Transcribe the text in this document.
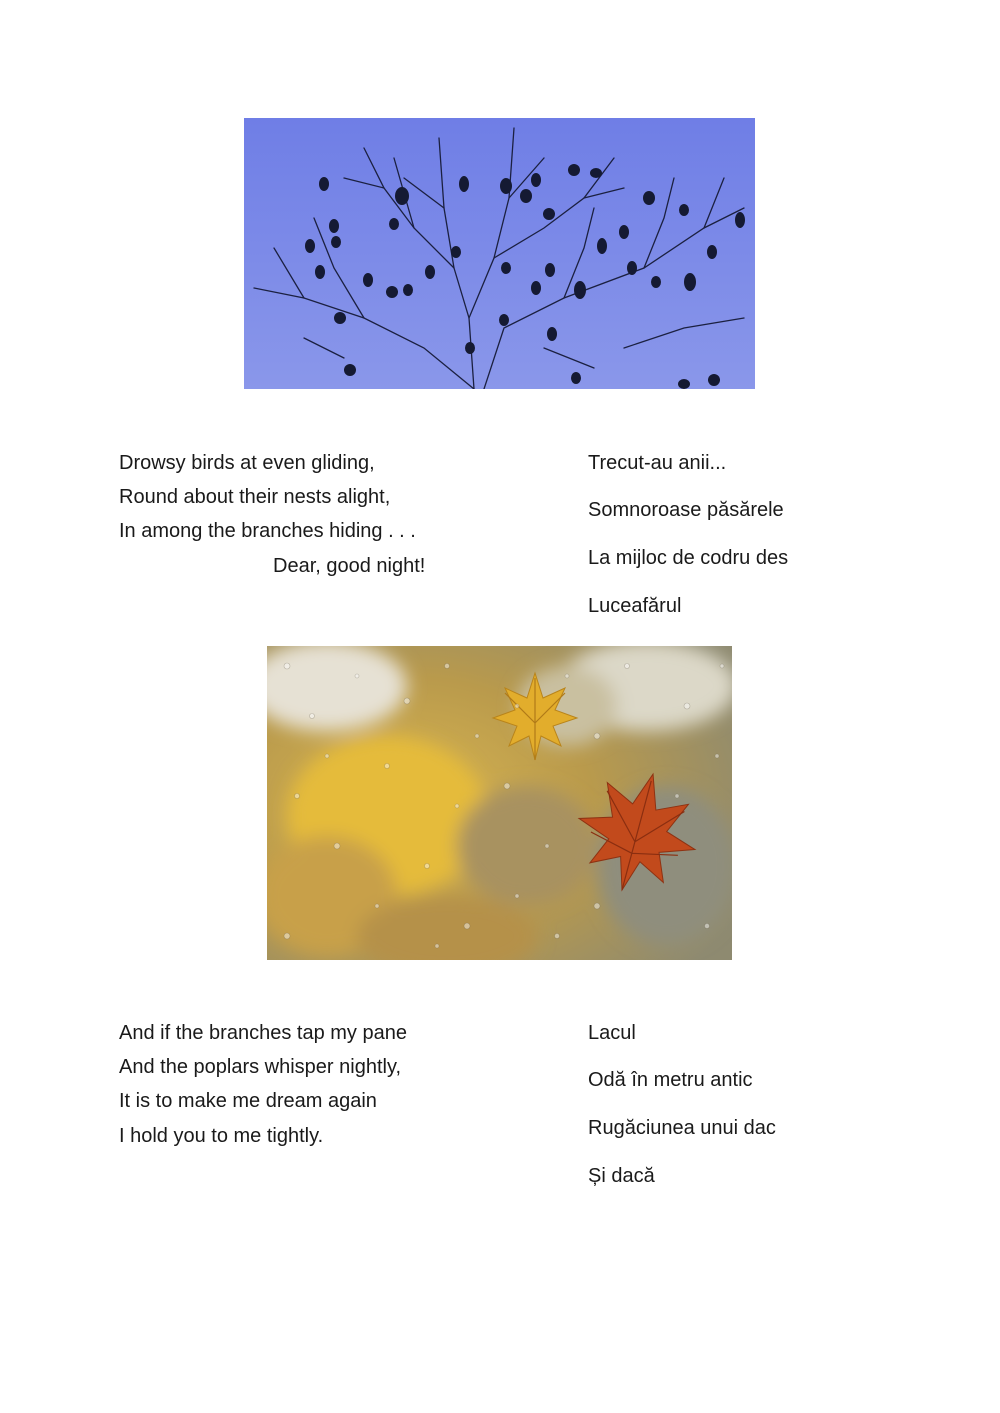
Drowsy birds at even gliding,
Round about their nests alight,
In among the branches hiding . . .
Dear, good night!
Trecut-au anii...
Somnoroase păsărele
La mijloc de codru des
Luceafărul
And if the branches tap my pane
And the poplars whisper nightly,
It is to make me dream again
I hold you to me tightly.
Lacul
Odă în metru antic
Rugăciunea unui dac
Și dacă
